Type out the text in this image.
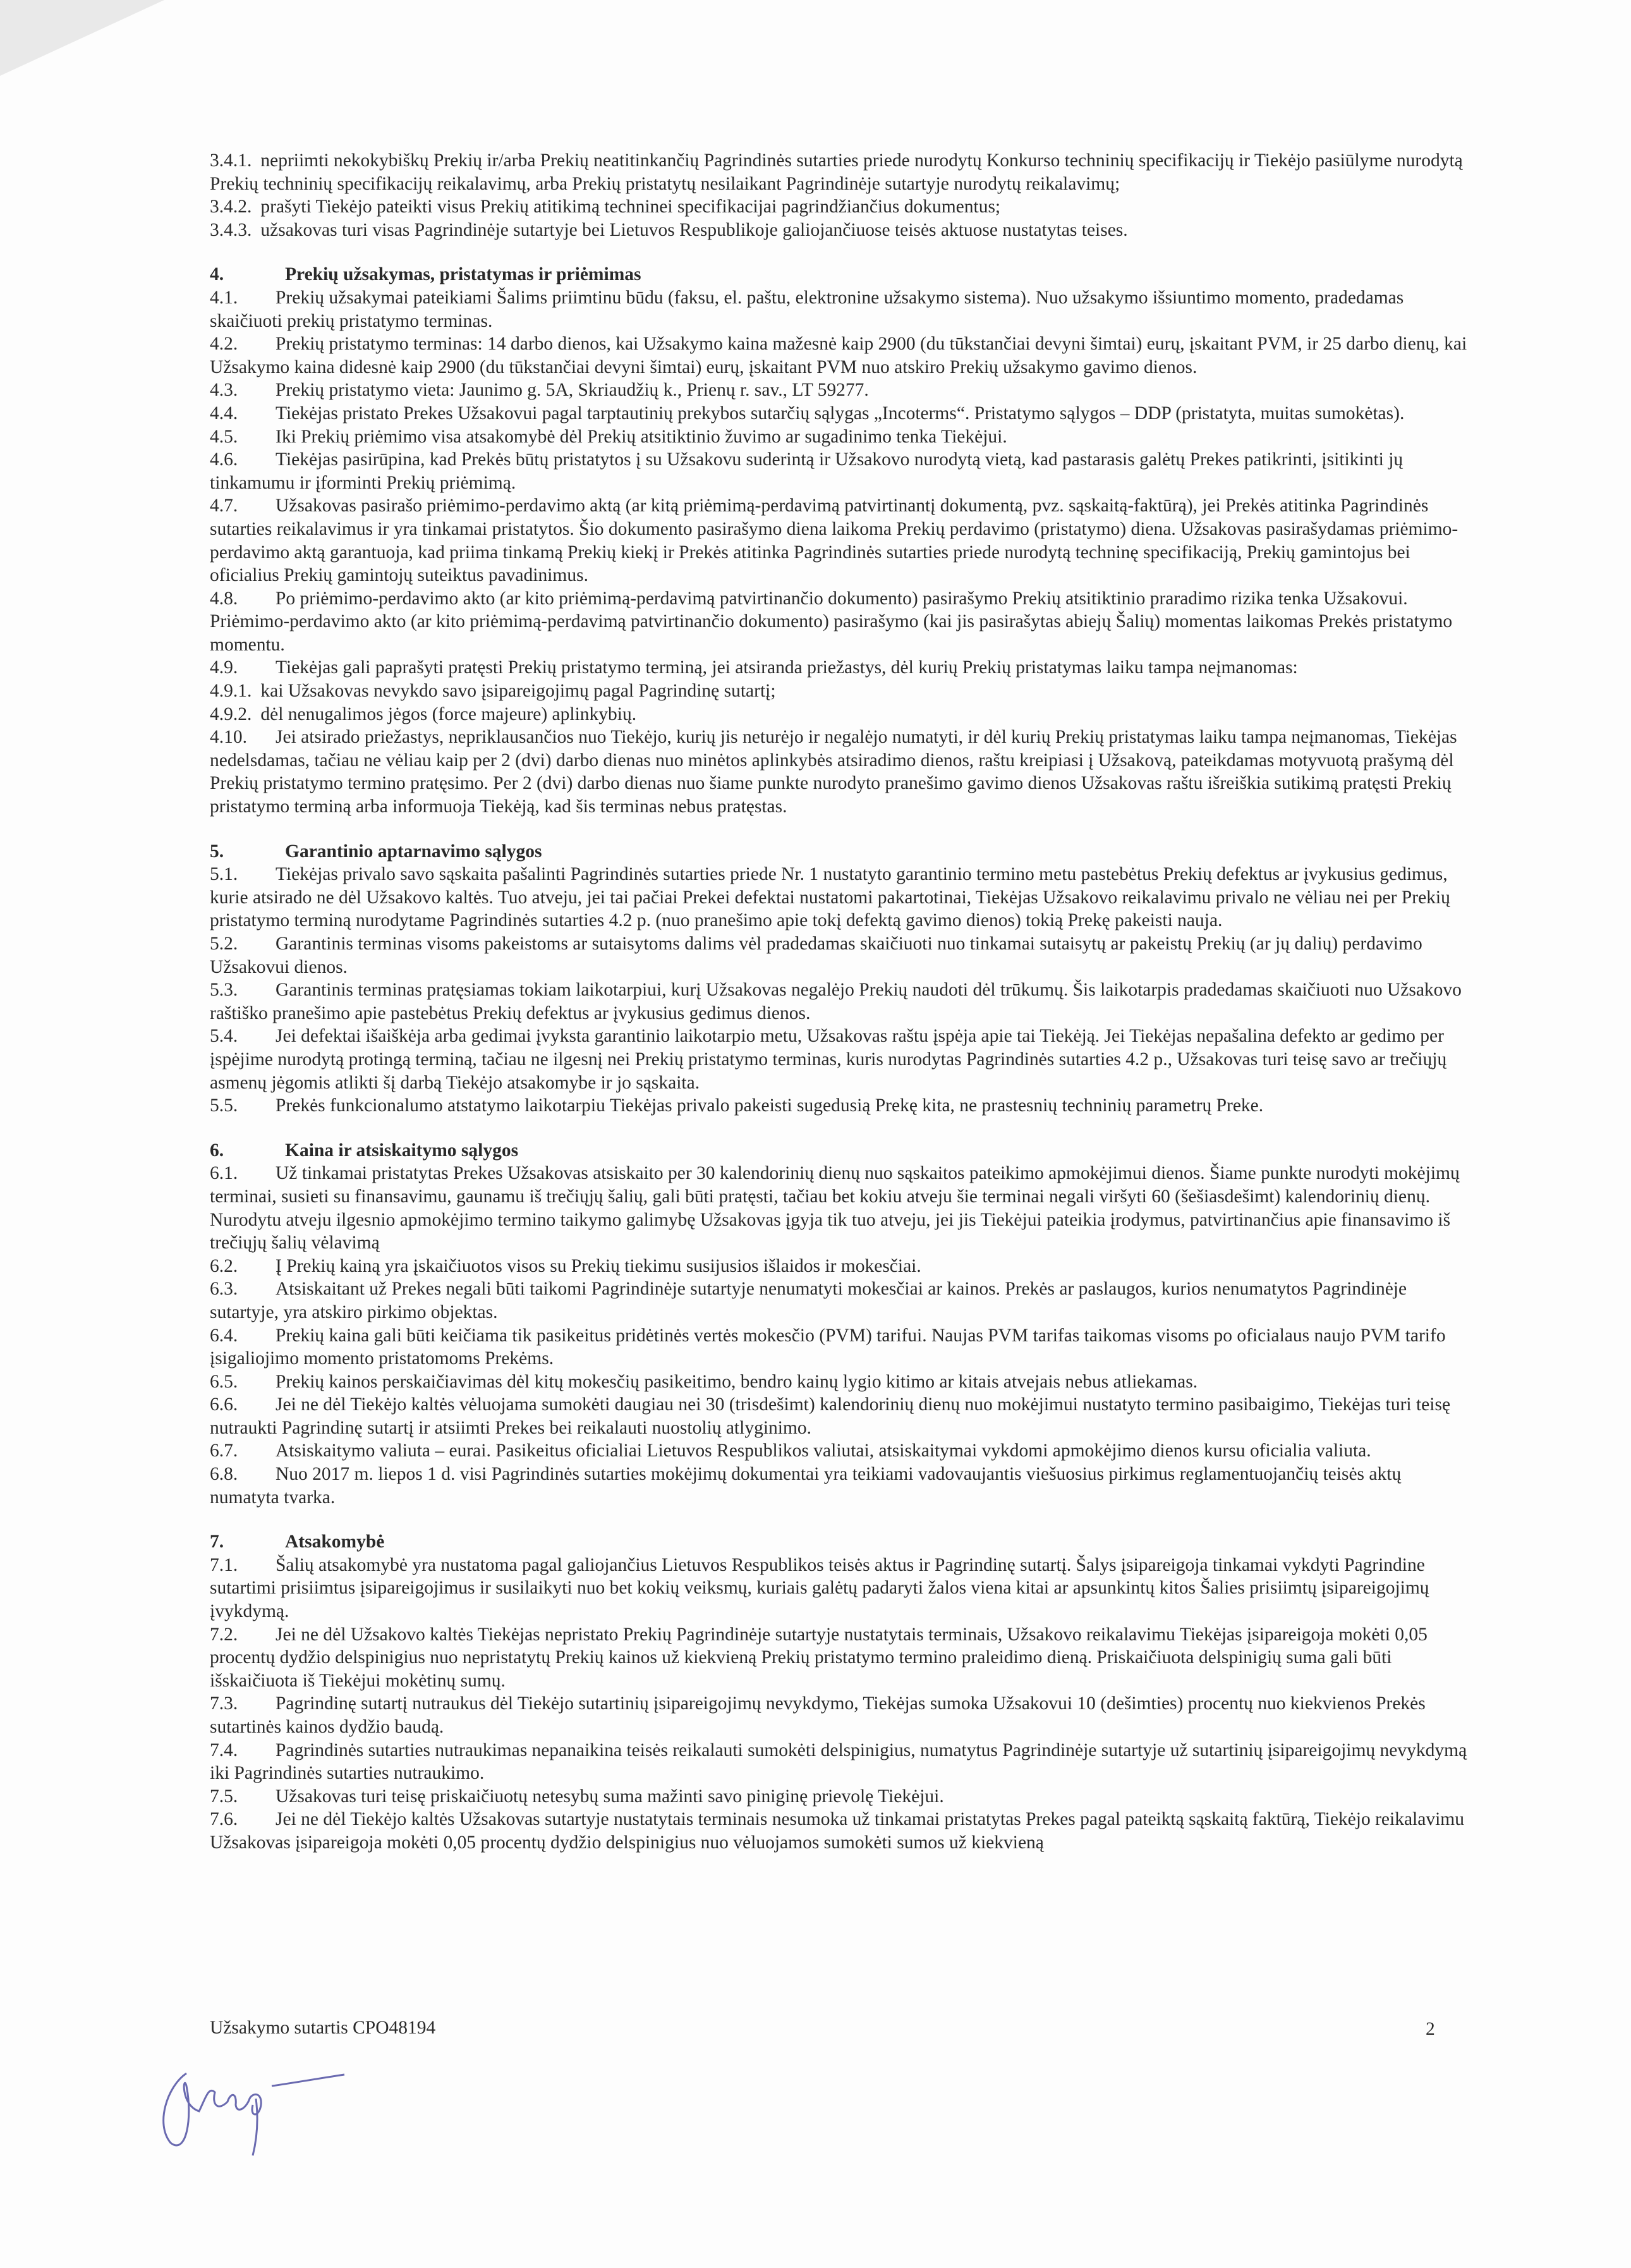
3.4.1. nepriimti nekokybiškų Prekių ir/arba Prekių neatitinkančių Pagrindinės sutarties priede nurodytų Konkurso techninių specifikacijų ir Tiekėjo pasiūlyme nurodytą Prekių techninių specifikacijų reikalavimų, arba Prekių pristatytų nesilaikant Pagrindinėje sutartyje nurodytų reikalavimų;
3.4.2. prašyti Tiekėjo pateikti visus Prekių atitikimą techninei specifikacijai pagrindžiančius dokumentus;
3.4.3. užsakovas turi visas Pagrindinėje sutartyje bei Lietuvos Respublikoje galiojančiuose teisės aktuose nustatytas teises.
4.	Prekių užsakymas, pristatymas ir priėmimas
4.1. Prekių užsakymai pateikiami Šalims priimtinu būdu (faksu, el. paštu, elektronine užsakymo sistema). Nuo užsakymo išsiuntimo momento, pradedamas skaičiuoti prekių pristatymo terminas.
4.2. Prekių pristatymo terminas: 14 darbo dienos, kai Užsakymo kaina mažesnė kaip 2900 (du tūkstančiai devyni šimtai) eurų, įskaitant PVM, ir 25 darbo dienų, kai Užsakymo kaina didesnė kaip 2900 (du tūkstančiai devyni šimtai) eurų, įskaitant PVM nuo atskiro Prekių užsakymo gavimo dienos.
4.3. Prekių pristatymo vieta: Jaunimo g. 5A, Skriaudžių k., Prienų r. sav., LT 59277.
4.4. Tiekėjas pristato Prekes Užsakovui pagal tarptautinių prekybos sutarčių sąlygas „Incoterms“. Pristatymo sąlygos – DDP (pristatyta, muitas sumokėtas).
4.5. Iki Prekių priėmimo visa atsakomybė dėl Prekių atsitiktinio žuvimo ar sugadinimo tenka Tiekėjui.
4.6. Tiekėjas pasirūpina, kad Prekės būtų pristatytos į su Užsakovu suderintą ir Užsakovo nurodytą vietą, kad pastarasis galėtų Prekes patikrinti, įsitikinti jų tinkamumu ir įforminti Prekių priėmimą.
4.7. Užsakovas pasirašo priėmimo-perdavimo aktą (ar kitą priėmimą-perdavimą patvirtinantį dokumentą, pvz. sąskaitą-faktūrą), jei Prekės atitinka Pagrindinės sutarties reikalavimus ir yra tinkamai pristatytos. Šio dokumento pasirašymo diena laikoma Prekių perdavimo (pristatymo) diena. Užsakovas pasirašydamas priėmimo-perdavimo aktą garantuoja, kad priima tinkamą Prekių kiekį ir Prekės atitinka Pagrindinės sutarties priede nurodytą techninę specifikaciją, Prekių gamintojus bei oficialius Prekių gamintojų suteiktus pavadinimus.
4.8. Po priėmimo-perdavimo akto (ar kito priėmimą-perdavimą patvirtinančio dokumento) pasirašymo Prekių atsitiktinio praradimo rizika tenka Užsakovui. Priėmimo-perdavimo akto (ar kito priėmimą-perdavimą patvirtinančio dokumento) pasirašymo (kai jis pasirašytas abiejų Šalių) momentas laikomas Prekės pristatymo momentu.
4.9. Tiekėjas gali paprašyti pratęsti Prekių pristatymo terminą, jei atsiranda priežastys, dėl kurių Prekių pristatymas laiku tampa neįmanomas:
4.9.1. kai Užsakovas nevykdo savo įsipareigojimų pagal Pagrindinę sutartį;
4.9.2. dėl nenugalimos jėgos (force majeure) aplinkybių.
4.10. Jei atsirado priežastys, nepriklausančios nuo Tiekėjo, kurių jis neturėjo ir negalėjo numatyti, ir dėl kurių Prekių pristatymas laiku tampa neįmanomas, Tiekėjas nedelsdamas, tačiau ne vėliau kaip per 2 (dvi) darbo dienas nuo minėtos aplinkybės atsiradimo dienos, raštu kreipiasi į Užsakovą, pateikdamas motyvuotą prašymą dėl Prekių pristatymo termino pratęsimo. Per 2 (dvi) darbo dienas nuo šiame punkte nurodyto pranešimo gavimo dienos Užsakovas raštu išreiškia sutikimą pratęsti Prekių pristatymo terminą arba informuoja Tiekėją, kad šis terminas nebus pratęstas.
5.	Garantinio aptarnavimo sąlygos
5.1. Tiekėjas privalo savo sąskaita pašalinti Pagrindinės sutarties priede Nr. 1 nustatyto garantinio termino metu pastebėtus Prekių defektus ar įvykusius gedimus, kurie atsirado ne dėl Užsakovo kaltės. Tuo atveju, jei tai pačiai Prekei defektai nustatomi pakartotinai, Tiekėjas Užsakovo reikalavimu privalo ne vėliau nei per Prekių pristatymo terminą nurodytame Pagrindinės sutarties 4.2 p. (nuo pranešimo apie tokį defektą gavimo dienos) tokią Prekę pakeisti nauja.
5.2. Garantinis terminas visoms pakeistoms ar sutaisytoms dalims vėl pradedamas skaičiuoti nuo tinkamai sutaisytų ar pakeistų Prekių (ar jų dalių) perdavimo Užsakovui dienos.
5.3. Garantinis terminas pratęsiamas tokiam laikotarpiui, kurį Užsakovas negalėjo Prekių naudoti dėl trūkumų. Šis laikotarpis pradedamas skaičiuoti nuo Užsakovo raštiško pranešimo apie pastebėtus Prekių defektus ar įvykusius gedimus dienos.
5.4. Jei defektai išaiškėja arba gedimai įvyksta garantinio laikotarpio metu, Užsakovas raštu įspėja apie tai Tiekėją. Jei Tiekėjas nepašalina defekto ar gedimo per įspėjime nurodytą protingą terminą, tačiau ne ilgesnį nei Prekių pristatymo terminas, kuris nurodytas Pagrindinės sutarties 4.2 p., Užsakovas turi teisę savo ar trečiųjų asmenų jėgomis atlikti šį darbą Tiekėjo atsakomybe ir jo sąskaita.
5.5. Prekės funkcionalumo atstatymo laikotarpiu Tiekėjas privalo pakeisti sugedusią Prekę kita, ne prastesnių techninių parametrų Preke.
6.	Kaina ir atsiskaitymo sąlygos
6.1. Už tinkamai pristatytas Prekes Užsakovas atsiskaito per 30 kalendorinių dienų nuo sąskaitos pateikimo apmokėjimui dienos. Šiame punkte nurodyti mokėjimų terminai, susieti su finansavimu, gaunamu iš trečiųjų šalių, gali būti pratęsti, tačiau bet kokiu atveju šie terminai negali viršyti 60 (šešiasdešimt) kalendorinių dienų. Nurodytu atveju ilgesnio apmokėjimo termino taikymo galimybę Užsakovas įgyja tik tuo atveju, jei jis Tiekėjui pateikia įrodymus, patvirtinančius apie finansavimo iš trečiųjų šalių vėlavimą
6.2. Į Prekių kainą yra įskaičiuotos visos su Prekių tiekimu susijusios išlaidos ir mokesčiai.
6.3. Atsiskaitant už Prekes negali būti taikomi Pagrindinėje sutartyje nenumatyti mokesčiai ar kainos. Prekės ar paslaugos, kurios nenumatytos Pagrindinėje sutartyje, yra atskiro pirkimo objektas.
6.4. Prekių kaina gali būti keičiama tik pasikeitus pridėtinės vertės mokesčio (PVM) tarifui. Naujas PVM tarifas taikomas visoms po oficialaus naujo PVM tarifo įsigaliojimo momento pristatomoms Prekėms.
6.5. Prekių kainos perskaičiavimas dėl kitų mokesčių pasikeitimo, bendro kainų lygio kitimo ar kitais atvejais nebus atliekamas.
6.6. Jei ne dėl Tiekėjo kaltės vėluojama sumokėti daugiau nei 30 (trisdešimt) kalendorinių dienų nuo mokėjimui nustatyto termino pasibaigimo, Tiekėjas turi teisę nutraukti Pagrindinę sutartį ir atsiimti Prekes bei reikalauti nuostolių atlyginimo.
6.7. Atsiskaitymo valiuta – eurai. Pasikeitus oficialiai Lietuvos Respublikos valiutai, atsiskaitymai vykdomi apmokėjimo dienos kursu oficialia valiuta.
6.8. Nuo 2017 m. liepos 1 d. visi Pagrindinės sutarties mokėjimų dokumentai yra teikiami vadovaujantis viešuosius pirkimus reglamentuojančių teisės aktų numatyta tvarka.
7.	Atsakomybė
7.1. Šalių atsakomybė yra nustatoma pagal galiojančius Lietuvos Respublikos teisės aktus ir Pagrindinę sutartį. Šalys įsipareigoja tinkamai vykdyti Pagrindine sutartimi prisiimtus įsipareigojimus ir susilaikyti nuo bet kokių veiksmų, kuriais galėtų padaryti žalos viena kitai ar apsunkintų kitos Šalies prisiimtų įsipareigojimų įvykdymą.
7.2. Jei ne dėl Užsakovo kaltės Tiekėjas nepristato Prekių Pagrindinėje sutartyje nustatytais terminais, Užsakovo reikalavimu Tiekėjas įsipareigoja mokėti 0,05 procentų dydžio delspinigius nuo nepristatytų Prekių kainos už kiekvieną Prekių pristatymo termino praleidimo dieną. Priskaičiuota delspinigių suma gali būti išskaičiuota iš Tiekėjui mokėtinų sumų.
7.3. Pagrindinę sutartį nutraukus dėl Tiekėjo sutartinių įsipareigojimų nevykdymo, Tiekėjas sumoka Užsakovui 10 (dešimties) procentų nuo kiekvienos Prekės sutartinės kainos dydžio baudą.
7.4. Pagrindinės sutarties nutraukimas nepanaikina teisės reikalauti sumokėti delspinigius, numatytus Pagrindinėje sutartyje už sutartinių įsipareigojimų nevykdymą iki Pagrindinės sutarties nutraukimo.
7.5. Užsakovas turi teisę priskaičiuotų netesybų suma mažinti savo piniginę prievolę Tiekėjui.
7.6. Jei ne dėl Tiekėjo kaltės Užsakovas sutartyje nustatytais terminais nesumoka už tinkamai pristatytas Prekes pagal pateiktą sąskaitą faktūrą, Tiekėjo reikalavimu Užsakovas įsipareigoja mokėti 0,05 procentų dydžio delspinigius nuo vėluojamos sumokėti sumos už kiekvieną
Užsakymo sutartis CPO48194	2
